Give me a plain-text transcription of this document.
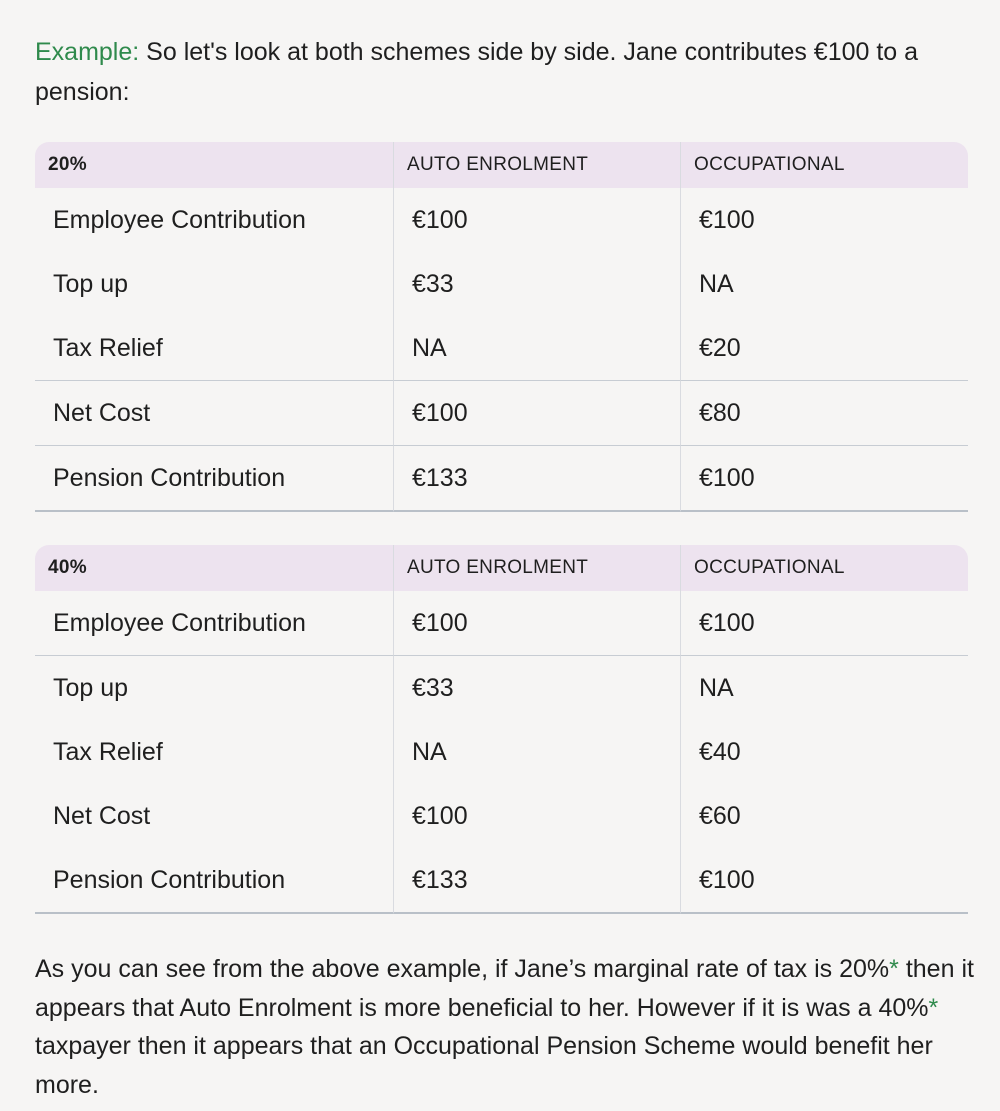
Example: So let's look at both schemes side by side. Jane contributes €100 to a pension:

20%	AUTO ENROLMENT	OCCUPATIONAL
Employee Contribution	€100	€100
Top up	€33	NA
Tax Relief	NA	€20
Net Cost	€100	€80
Pension Contribution	€133	€100
40%	AUTO ENROLMENT	OCCUPATIONAL
Employee Contribution	€100	€100
Top up	€33	NA
Tax Relief	NA	€40
Net Cost	€100	€60
Pension Contribution	€133	€100

As you can see from the above example, if Jane’s marginal rate of tax is 20%* then it appears that Auto Enrolment is more beneficial to her. However if it is was a 40%* taxpayer then it appears that an Occupational Pension Scheme would benefit her more.
